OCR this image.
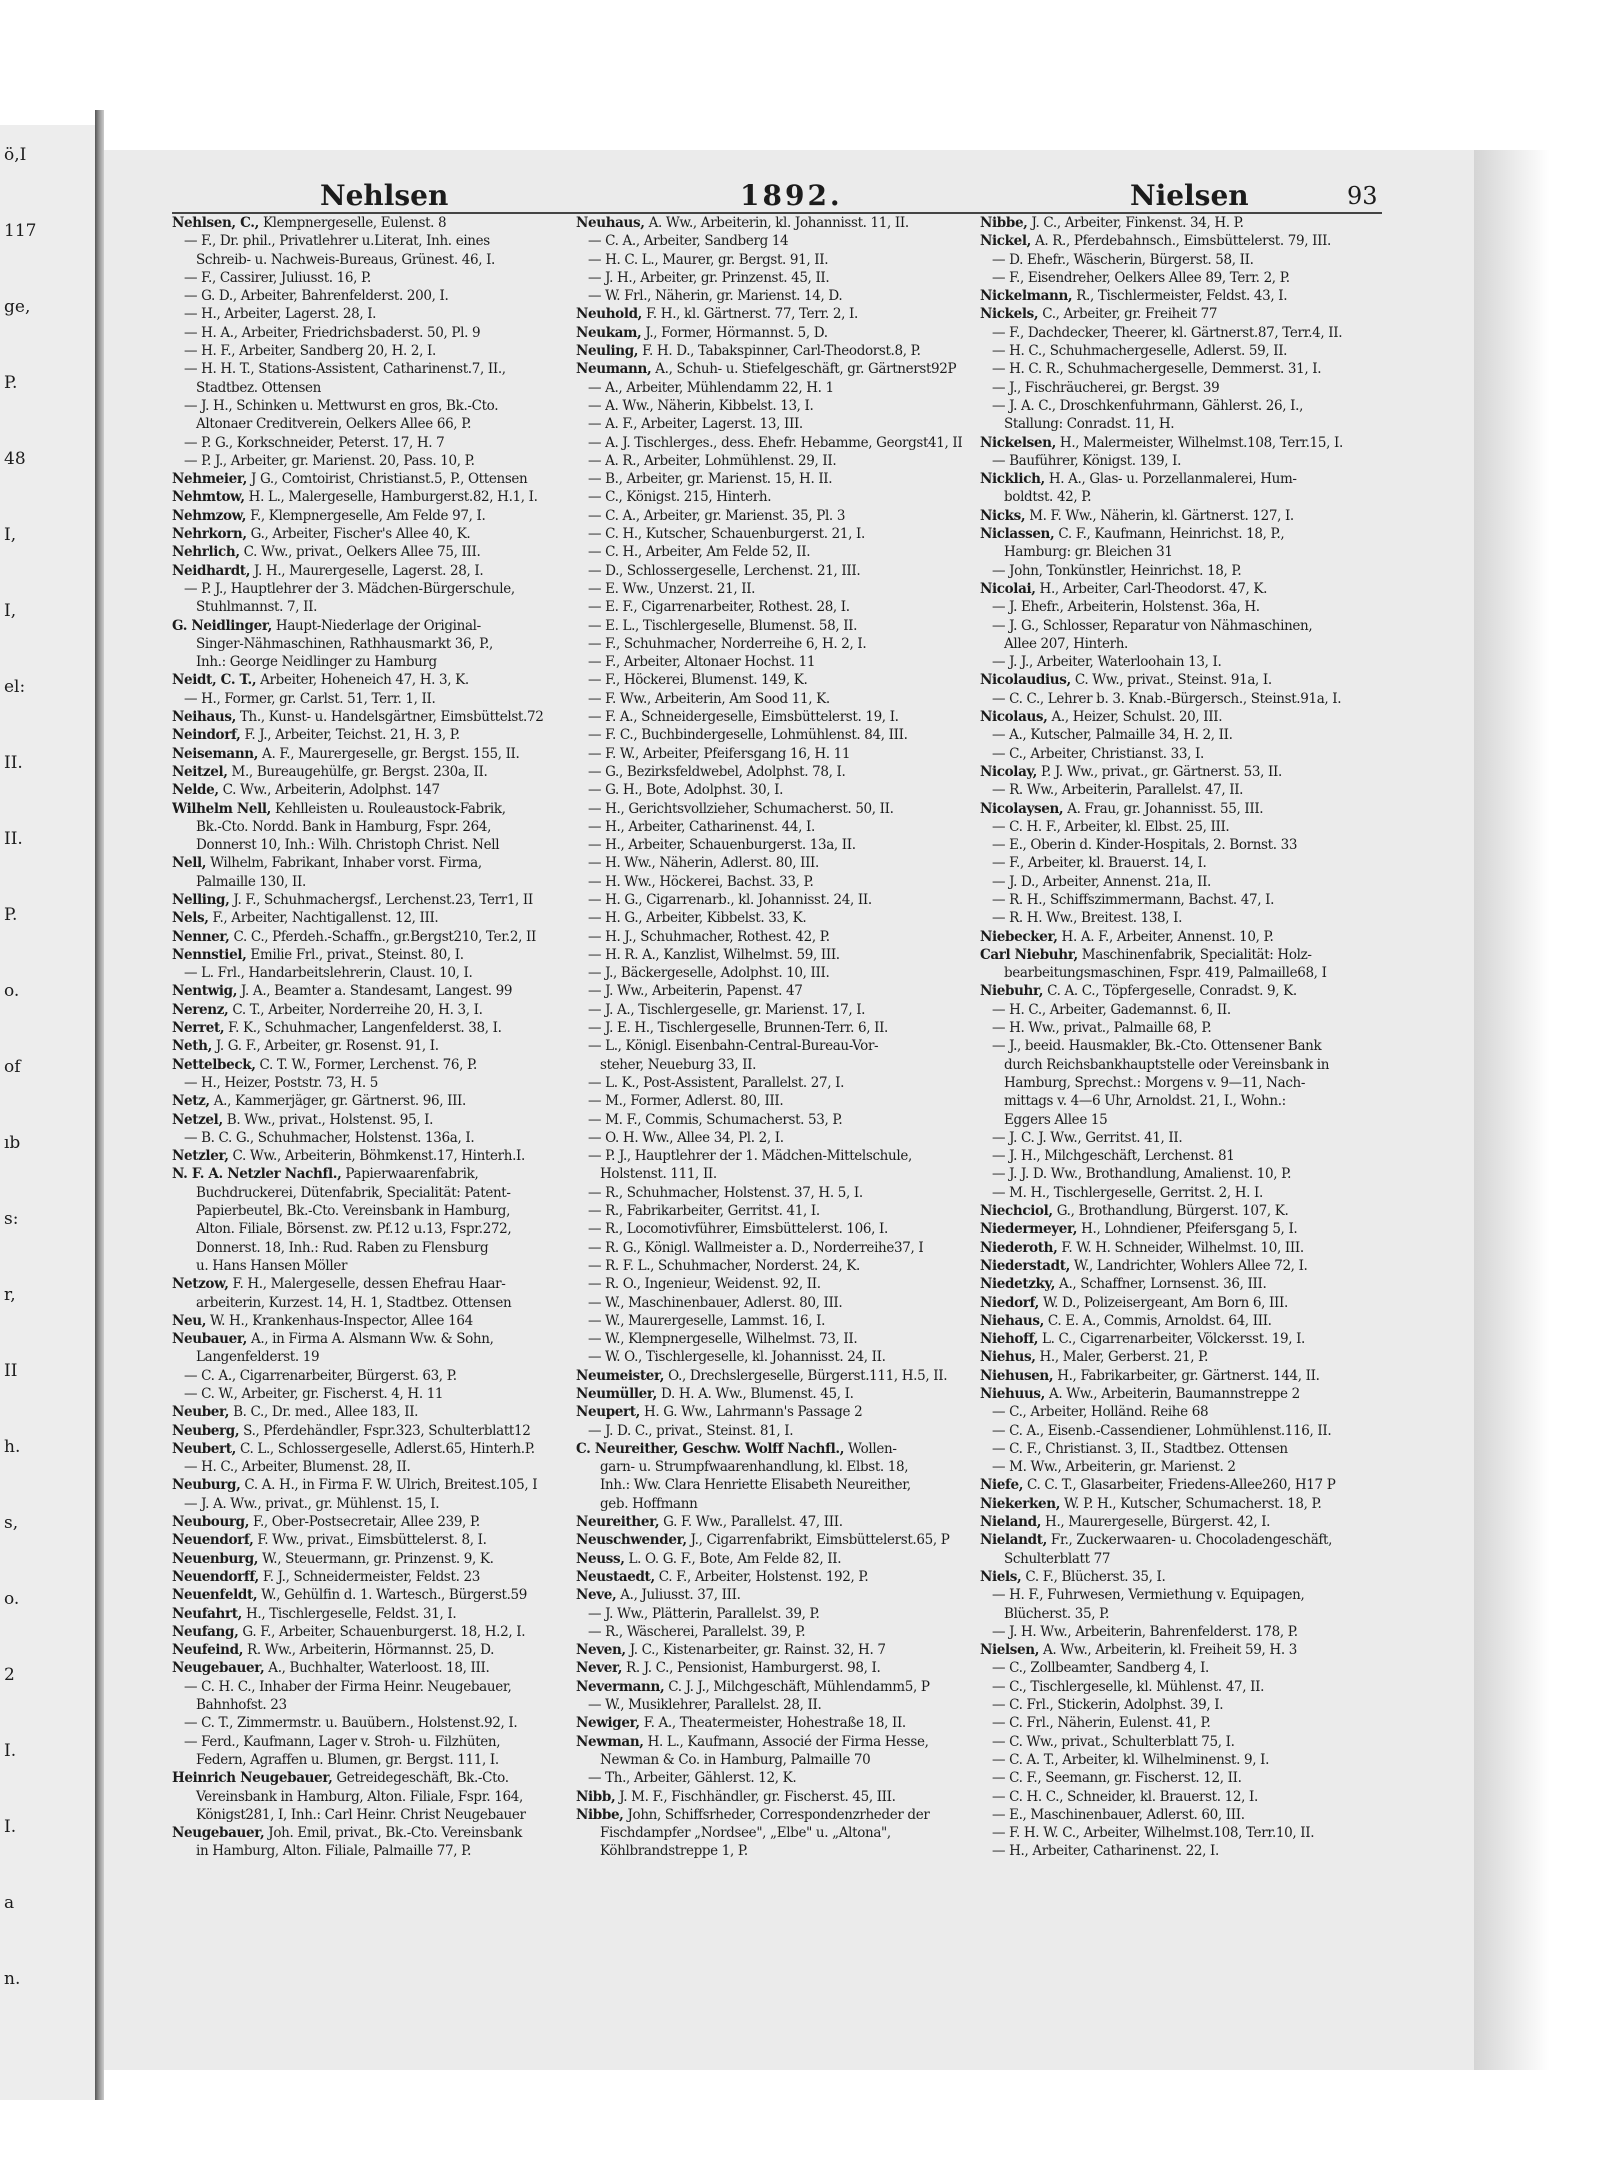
ö,I
117
ge,
P.
48
I,
I,
el:
II.
II.
P.
o.
of
ıb
s:
r,
II
h.
s,
o.
2
I.
I.
a
n.
Nehlsen	1892.	Nielsen	93

Nehlsen, C., Klempnergeselle, Eulenst. 8

— F., Dr. phil., Privatlehrer u.Literat, Inh. eines

Schreib- u. Nachweis-Bureaus, Grünest. 46, I.

— F., Cassirer, Juliusst. 16, P.

— G. D., Arbeiter, Bahrenfelderst. 200, I.

— H., Arbeiter, Lagerst. 28, I.

— H. A., Arbeiter, Friedrichsbaderst. 50, Pl. 9

— H. F., Arbeiter, Sandberg 20, H. 2, I.

— H. H. T., Stations-Assistent, Catharinenst.7, II.,

Stadtbez. Ottensen

— J. H., Schinken u. Mettwurst en gros, Bk.-Cto.

Altonaer Creditverein, Oelkers Allee 66, P.

— P. G., Korkschneider, Peterst. 17, H. 7

— P. J., Arbeiter, gr. Marienst. 20, Pass. 10, P.

Nehmeier, J G., Comtoirist, Christianst.5, P., Ottensen

Nehmtow, H. L., Malergeselle, Hamburgerst.82, H.1, I.

Nehmzow, F., Klempnergeselle, Am Felde 97, I.

Nehrkorn, G., Arbeiter, Fischer's Allee 40, K.

Nehrlich, C. Ww., privat., Oelkers Allee 75, III.

Neidhardt, J. H., Maurergeselle, Lagerst. 28, I.

— P. J., Hauptlehrer der 3. Mädchen-Bürgerschule,

Stuhlmannst. 7, II.

G. Neidlinger, Haupt-Niederlage der Original-

Singer-Nähmaschinen, Rathhausmarkt 36, P.,

Inh.: George Neidlinger zu Hamburg

Neidt, C. T., Arbeiter, Hoheneich 47, H. 3, K.

— H., Former, gr. Carlst. 51, Terr. 1, II.

Neihaus, Th., Kunst- u. Handelsgärtner, Eimsbüttelst.72

Neindorf, F. J., Arbeiter, Teichst. 21, H. 3, P.

Neisemann, A. F., Maurergeselle, gr. Bergst. 155, II.

Neitzel, M., Bureaugehülfe, gr. Bergst. 230a, II.

Nelde, C. Ww., Arbeiterin, Adolphst. 147

Wilhelm Nell, Kehlleisten u. Rouleaustock-Fabrik,

Bk.-Cto. Nordd. Bank in Hamburg, Fspr. 264,

Donnerst 10, Inh.: Wilh. Christoph Christ. Nell

Nell, Wilhelm, Fabrikant, Inhaber vorst. Firma,

Palmaille 130, II.

Nelling, J. F., Schuhmachergsf., Lerchenst.23, Terr1, II

Nels, F., Arbeiter, Nachtigallenst. 12, III.

Nenner, C. C., Pferdeh.-Schaffn., gr.Bergst210, Ter.2, II

Nennstiel, Emilie Frl., privat., Steinst. 80, I.

— L. Frl., Handarbeitslehrerin, Claust. 10, I.

Nentwig, J. A., Beamter a. Standesamt, Langest. 99

Nerenz, C. T., Arbeiter, Norderreihe 20, H. 3, I.

Nerret, F. K., Schuhmacher, Langenfelderst. 38, I.

Neth, J. G. F., Arbeiter, gr. Rosenst. 91, I.

Nettelbeck, C. T. W., Former, Lerchenst. 76, P.

— H., Heizer, Poststr. 73, H. 5

Netz, A., Kammerjäger, gr. Gärtnerst. 96, III.

Netzel, B. Ww., privat., Holstenst. 95, I.

— B. C. G., Schuhmacher, Holstenst. 136a, I.

Netzler, C. Ww., Arbeiterin, Böhmkenst.17, Hinterh.I.

N. F. A. Netzler Nachfl., Papierwaarenfabrik,

Buchdruckerei, Dütenfabrik, Specialität: Patent-

Papierbeutel, Bk.-Cto. Vereinsbank in Hamburg,

Alton. Filiale, Börsenst. zw. Pf.12 u.13, Fspr.272,

Donnerst. 18, Inh.: Rud. Raben zu Flensburg

u. Hans Hansen Möller

Netzow, F. H., Malergeselle, dessen Ehefrau Haar-

arbeiterin, Kurzest. 14, H. 1, Stadtbez. Ottensen

Neu, W. H., Krankenhaus-Inspector, Allee 164

Neubauer, A., in Firma A. Alsmann Ww. & Sohn,

Langenfelderst. 19

— C. A., Cigarrenarbeiter, Bürgerst. 63, P.

— C. W., Arbeiter, gr. Fischerst. 4, H. 11

Neuber, B. C., Dr. med., Allee 183, II.

Neuberg, S., Pferdehändler, Fspr.323, Schulterblatt12

Neubert, C. L., Schlossergeselle, Adlerst.65, Hinterh.P.

— H. C., Arbeiter, Blumenst. 28, II.

Neuburg, C. A. H., in Firma F. W. Ulrich, Breitest.105, I

— J. A. Ww., privat., gr. Mühlenst. 15, I.

Neubourg, F., Ober-Postsecretair, Allee 239, P.

Neuendorf, F. Ww., privat., Eimsbüttelerst. 8, I.

Neuenburg, W., Steuermann, gr. Prinzenst. 9, K.

Neuendorff, F. J., Schneidermeister, Feldst. 23

Neuenfeldt, W., Gehülfin d. 1. Wartesch., Bürgerst.59

Neufahrt, H., Tischlergeselle, Feldst. 31, I.

Neufang, G. F., Arbeiter, Schauenburgerst. 18, H.2, I.

Neufeind, R. Ww., Arbeiterin, Hörmannst. 25, D.

Neugebauer, A., Buchhalter, Waterloost. 18, III.

— C. H. C., Inhaber der Firma Heinr. Neugebauer,

Bahnhofst. 23

— C. T., Zimmermstr. u. Bauübern., Holstenst.92, I.

— Ferd., Kaufmann, Lager v. Stroh- u. Filzhüten,

Federn, Agraffen u. Blumen, gr. Bergst. 111, I.

Heinrich Neugebauer, Getreidegeschäft, Bk.-Cto.

Vereinsbank in Hamburg, Alton. Filiale, Fspr. 164,

Königst281, I, Inh.: Carl Heinr. Christ Neugebauer

Neugebauer, Joh. Emil, privat., Bk.-Cto. Vereinsbank

in Hamburg, Alton. Filiale, Palmaille 77, P.

Neuhaus, A. Ww., Arbeiterin, kl. Johannisst. 11, II.

— C. A., Arbeiter, Sandberg 14

— H. C. L., Maurer, gr. Bergst. 91, II.

— J. H., Arbeiter, gr. Prinzenst. 45, II.

— W. Frl., Näherin, gr. Marienst. 14, D.

Neuhold, F. H., kl. Gärtnerst. 77, Terr. 2, I.

Neukam, J., Former, Hörmannst. 5, D.

Neuling, F. H. D., Tabakspinner, Carl-Theodorst.8, P.

Neumann, A., Schuh- u. Stiefelgeschäft, gr. Gärtnerst92P

— A., Arbeiter, Mühlendamm 22, H. 1

— A. Ww., Näherin, Kibbelst. 13, I.

— A. F., Arbeiter, Lagerst. 13, III.

— A. J. Tischlerges., dess. Ehefr. Hebamme, Georgst41, II

— A. R., Arbeiter, Lohmühlenst. 29, II.

— B., Arbeiter, gr. Marienst. 15, H. II.

— C., Königst. 215, Hinterh.

— C. A., Arbeiter, gr. Marienst. 35, Pl. 3

— C. H., Kutscher, Schauenburgerst. 21, I.

— C. H., Arbeiter, Am Felde 52, II.

— D., Schlossergeselle, Lerchenst. 21, III.

— E. Ww., Unzerst. 21, II.

— E. F., Cigarrenarbeiter, Rothest. 28, I.

— E. L., Tischlergeselle, Blumenst. 58, II.

— F., Schuhmacher, Norderreihe 6, H. 2, I.

— F., Arbeiter, Altonaer Hochst. 11

— F., Höckerei, Blumenst. 149, K.

— F. Ww., Arbeiterin, Am Sood 11, K.

— F. A., Schneidergeselle, Eimsbüttelerst. 19, I.

— F. C., Buchbindergeselle, Lohmühlenst. 84, III.

— F. W., Arbeiter, Pfeifersgang 16, H. 11

— G., Bezirksfeldwebel, Adolphst. 78, I.

— G. H., Bote, Adolphst. 30, I.

— H., Gerichtsvollzieher, Schumacherst. 50, II.

— H., Arbeiter, Catharinenst. 44, I.

— H., Arbeiter, Schauenburgerst. 13a, II.

— H. Ww., Näherin, Adlerst. 80, III.

— H. Ww., Höckerei, Bachst. 33, P.

— H. G., Cigarrenarb., kl. Johannisst. 24, II.

— H. G., Arbeiter, Kibbelst. 33, K.

— H. J., Schuhmacher, Rothest. 42, P.

— H. R. A., Kanzlist, Wilhelmst. 59, III.

— J., Bäckergeselle, Adolphst. 10, III.

— J. Ww., Arbeiterin, Papenst. 47

— J. A., Tischlergeselle, gr. Marienst. 17, I.

— J. E. H., Tischlergeselle, Brunnen-Terr. 6, II.

— L., Königl. Eisenbahn-Central-Bureau-Vor-

steher, Neueburg 33, II.

— L. K., Post-Assistent, Parallelst. 27, I.

— M., Former, Adlerst. 80, III.

— M. F., Commis, Schumacherst. 53, P.

— O. H. Ww., Allee 34, Pl. 2, I.

— P. J., Hauptlehrer der 1. Mädchen-Mittelschule,

Holstenst. 111, II.

— R., Schuhmacher, Holstenst. 37, H. 5, I.

— R., Fabrikarbeiter, Gerritst. 41, I.

— R., Locomotivführer, Eimsbüttelerst. 106, I.

— R. G., Königl. Wallmeister a. D., Norderreihe37, I

— R. F. L., Schuhmacher, Norderst. 24, K.

— R. O., Ingenieur, Weidenst. 92, II.

— W., Maschinenbauer, Adlerst. 80, III.

— W., Maurergeselle, Lammst. 16, I.

— W., Klempnergeselle, Wilhelmst. 73, II.

— W. O., Tischlergeselle, kl. Johannisst. 24, II.

Neumeister, O., Drechslergeselle, Bürgerst.111, H.5, II.

Neumüller, D. H. A. Ww., Blumenst. 45, I.

Neupert, H. G. Ww., Lahrmann's Passage 2

— J. D. C., privat., Steinst. 81, I.

C. Neureither, Geschw. Wolff Nachfl., Wollen-

garn- u. Strumpfwaarenhandlung, kl. Elbst. 18,

Inh.: Ww. Clara Henriette Elisabeth Neureither,

geb. Hoffmann

Neureither, G. F. Ww., Parallelst. 47, III.

Neuschwender, J., Cigarrenfabrikt, Eimsbüttelerst.65, P

Neuss, L. O. G. F., Bote, Am Felde 82, II.

Neustaedt, C. F., Arbeiter, Holstenst. 192, P.

Neve, A., Juliusst. 37, III.

— J. Ww., Plätterin, Parallelst. 39, P.

— R., Wäscherei, Parallelst. 39, P.

Neven, J. C., Kistenarbeiter, gr. Rainst. 32, H. 7

Never, R. J. C., Pensionist, Hamburgerst. 98, I.

Nevermann, C. J. J., Milchgeschäft, Mühlendamm5, P

— W., Musiklehrer, Parallelst. 28, II.

Newiger, F. A., Theatermeister, Hohestraße 18, II.

Newman, H. L., Kaufmann, Associé der Firma Hesse,

Newman & Co. in Hamburg, Palmaille 70

— Th., Arbeiter, Gählerst. 12, K.

Nibb, J. M. F., Fischhändler, gr. Fischerst. 45, III.

Nibbe, John, Schiffsrheder, Correspondenzrheder der

Fischdampfer „Nordsee", „Elbe" u. „Altona",

Köhlbrandstreppe 1, P.

Nibbe, J. C., Arbeiter, Finkenst. 34, H. P.

Nickel, A. R., Pferdebahnsch., Eimsbüttelerst. 79, III.

— D. Ehefr., Wäscherin, Bürgerst. 58, II.

— F., Eisendreher, Oelkers Allee 89, Terr. 2, P.

Nickelmann, R., Tischlermeister, Feldst. 43, I.

Nickels, C., Arbeiter, gr. Freiheit 77

— F., Dachdecker, Theerer, kl. Gärtnerst.87, Terr.4, II.

— H. C., Schuhmachergeselle, Adlerst. 59, II.

— H. C. R., Schuhmachergeselle, Demmerst. 31, I.

— J., Fischräucherei, gr. Bergst. 39

— J. A. C., Droschkenfuhrmann, Gählerst. 26, I.,

Stallung: Conradst. 11, H.

Nickelsen, H., Malermeister, Wilhelmst.108, Terr.15, I.

— Bauführer, Königst. 139, I.

Nicklich, H. A., Glas- u. Porzellanmalerei, Hum-

boldtst. 42, P.

Nicks, M. F. Ww., Näherin, kl. Gärtnerst. 127, I.

Niclassen, C. F., Kaufmann, Heinrichst. 18, P.,

Hamburg: gr. Bleichen 31

— John, Tonkünstler, Heinrichst. 18, P.

Nicolai, H., Arbeiter, Carl-Theodorst. 47, K.

— J. Ehefr., Arbeiterin, Holstenst. 36a, H.

— J. G., Schlosser, Reparatur von Nähmaschinen,

Allee 207, Hinterh.

— J. J., Arbeiter, Waterloohain 13, I.

Nicolaudius, C. Ww., privat., Steinst. 91a, I.

— C. C., Lehrer b. 3. Knab.-Bürgersch., Steinst.91a, I.

Nicolaus, A., Heizer, Schulst. 20, III.

— A., Kutscher, Palmaille 34, H. 2, II.

— C., Arbeiter, Christianst. 33, I.

Nicolay, P. J. Ww., privat., gr. Gärtnerst. 53, II.

— R. Ww., Arbeiterin, Parallelst. 47, II.

Nicolaysen, A. Frau, gr. Johannisst. 55, III.

— C. H. F., Arbeiter, kl. Elbst. 25, III.

— E., Oberin d. Kinder-Hospitals, 2. Bornst. 33

— F., Arbeiter, kl. Brauerst. 14, I.

— J. D., Arbeiter, Annenst. 21a, II.

— R. H., Schiffszimmermann, Bachst. 47, I.

— R. H. Ww., Breitest. 138, I.

Niebecker, H. A. F., Arbeiter, Annenst. 10, P.

Carl Niebuhr, Maschinenfabrik, Specialität: Holz-

bearbeitungsmaschinen, Fspr. 419, Palmaille68, I

Niebuhr, C. A. C., Töpfergeselle, Conradst. 9, K.

— H. C., Arbeiter, Gademannst. 6, II.

— H. Ww., privat., Palmaille 68, P.

— J., beeid. Hausmakler, Bk.-Cto. Ottensener Bank

durch Reichsbankhauptstelle oder Vereinsbank in

Hamburg, Sprechst.: Morgens v. 9—11, Nach-

mittags v. 4—6 Uhr, Arnoldst. 21, I., Wohn.:

Eggers Allee 15

— J. C. J. Ww., Gerritst. 41, II.

— J. H., Milchgeschäft, Lerchenst. 81

— J. J. D. Ww., Brothandlung, Amalienst. 10, P.

— M. H., Tischlergeselle, Gerritst. 2, H. I.

Niechciol, G., Brothandlung, Bürgerst. 107, K.

Niedermeyer, H., Lohndiener, Pfeifersgang 5, I.

Niederoth, F. W. H. Schneider, Wilhelmst. 10, III.

Niederstadt, W., Landrichter, Wohlers Allee 72, I.

Niedetzky, A., Schaffner, Lornsenst. 36, III.

Niedorf, W. D., Polizeisergeant, Am Born 6, III.

Niehaus, C. E. A., Commis, Arnoldst. 64, III.

Niehoff, L. C., Cigarrenarbeiter, Völckersst. 19, I.

Niehus, H., Maler, Gerberst. 21, P.

Niehusen, H., Fabrikarbeiter, gr. Gärtnerst. 144, II.

Niehuus, A. Ww., Arbeiterin, Baumannstreppe 2

— C., Arbeiter, Holländ. Reihe 68

— C. A., Eisenb.-Cassendiener, Lohmühlenst.116, II.

— C. F., Christianst. 3, II., Stadtbez. Ottensen

— M. Ww., Arbeiterin, gr. Marienst. 2

Niefe, C. C. T., Glasarbeiter, Friedens-Allee260, H17 P

Niekerken, W. P. H., Kutscher, Schumacherst. 18, P.

Nieland, H., Maurergeselle, Bürgerst. 42, I.

Nielandt, Fr., Zuckerwaaren- u. Chocoladengeschäft,

Schulterblatt 77

Niels, C. F., Blücherst. 35, I.

— H. F., Fuhrwesen, Vermiethung v. Equipagen,

Blücherst. 35, P.

— J. H. Ww., Arbeiterin, Bahrenfelderst. 178, P.

Nielsen, A. Ww., Arbeiterin, kl. Freiheit 59, H. 3

— C., Zollbeamter, Sandberg 4, I.

— C., Tischlergeselle, kl. Mühlenst. 47, II.

— C. Frl., Stickerin, Adolphst. 39, I.

— C. Frl., Näherin, Eulenst. 41, P.

— C. Ww., privat., Schulterblatt 75, I.

— C. A. T., Arbeiter, kl. Wilhelminenst. 9, I.

— C. F., Seemann, gr. Fischerst. 12, II.

— C. H. C., Schneider, kl. Brauerst. 12, I.

— E., Maschinenbauer, Adlerst. 60, III.

— F. H. W. C., Arbeiter, Wilhelmst.108, Terr.10, II.

— H., Arbeiter, Catharinenst. 22, I.
